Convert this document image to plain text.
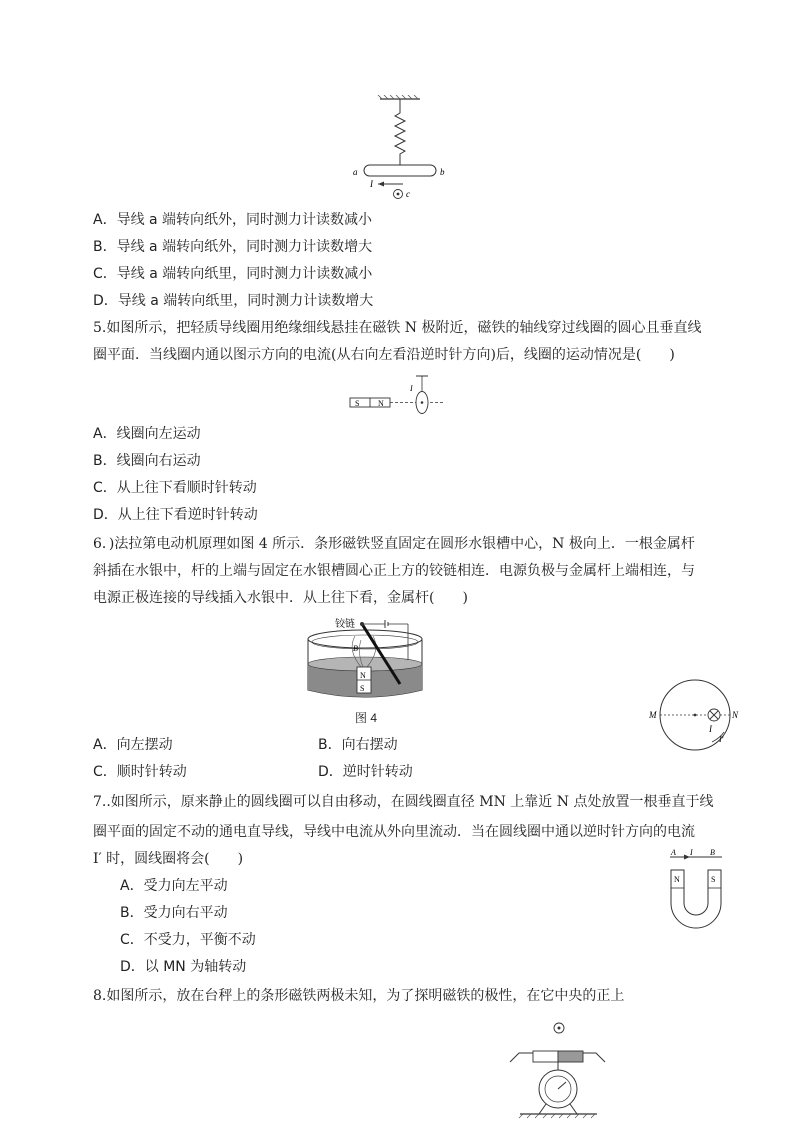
a	b
I
c
A．导线 a 端转向纸外，同时测力计读数减小
B．导线 a 端转向纸外，同时测力计读数增大
C．导线 a 端转向纸里，同时测力计读数减小
D．导线 a 端转向纸里，同时测力计读数增大
5.如图所示，把轻质导线圈用绝缘细线悬挂在磁铁 N 极附近，磁铁的轴线穿过线圈的圆心且垂直线
圈平面．当线圈内通以图示方向的电流(从右向左看沿逆时针方向)后，线圈的运动情况是(　　)
S N
I
A．线圈向左运动
B．线圈向右运动
C．从上往下看顺时针转动
D．从上往下看逆时针转动
6．)法拉第电动机原理如图 4 所示．条形磁铁竖直固定在圆形水银槽中心，N 极向上．一根金属杆
斜插在水银中，杆的上端与固定在水银槽圆心正上方的铰链相连．电源负极与金属杆上端相连，与
电源正极连接的导线插入水银中．从上往下看，金属杆(　　)
N
S
铰链
B
图 4	M	N
I
I′
A．向左摆动	B．向右摆动
C．顺时针转动	D．逆时针转动
7..如图所示，原来静止的圆线圈可以自由移动，在圆线圈直径 MN 上靠近 N 点处放置一根垂直于线
圈平面的固定不动的通电直导线，导线中电流从外向里流动．当在圆线圈中通以逆时针方向的电流
I′ 时，圆线圈将会(　　)	A I B
N	S
A．受力向左平动
B．受力向右平动
C．不受力，平衡不动
D．以 MN 为轴转动
8.如图所示，放在台秤上的条形磁铁两极未知，为了探明磁铁的极性，在它中央的正上
